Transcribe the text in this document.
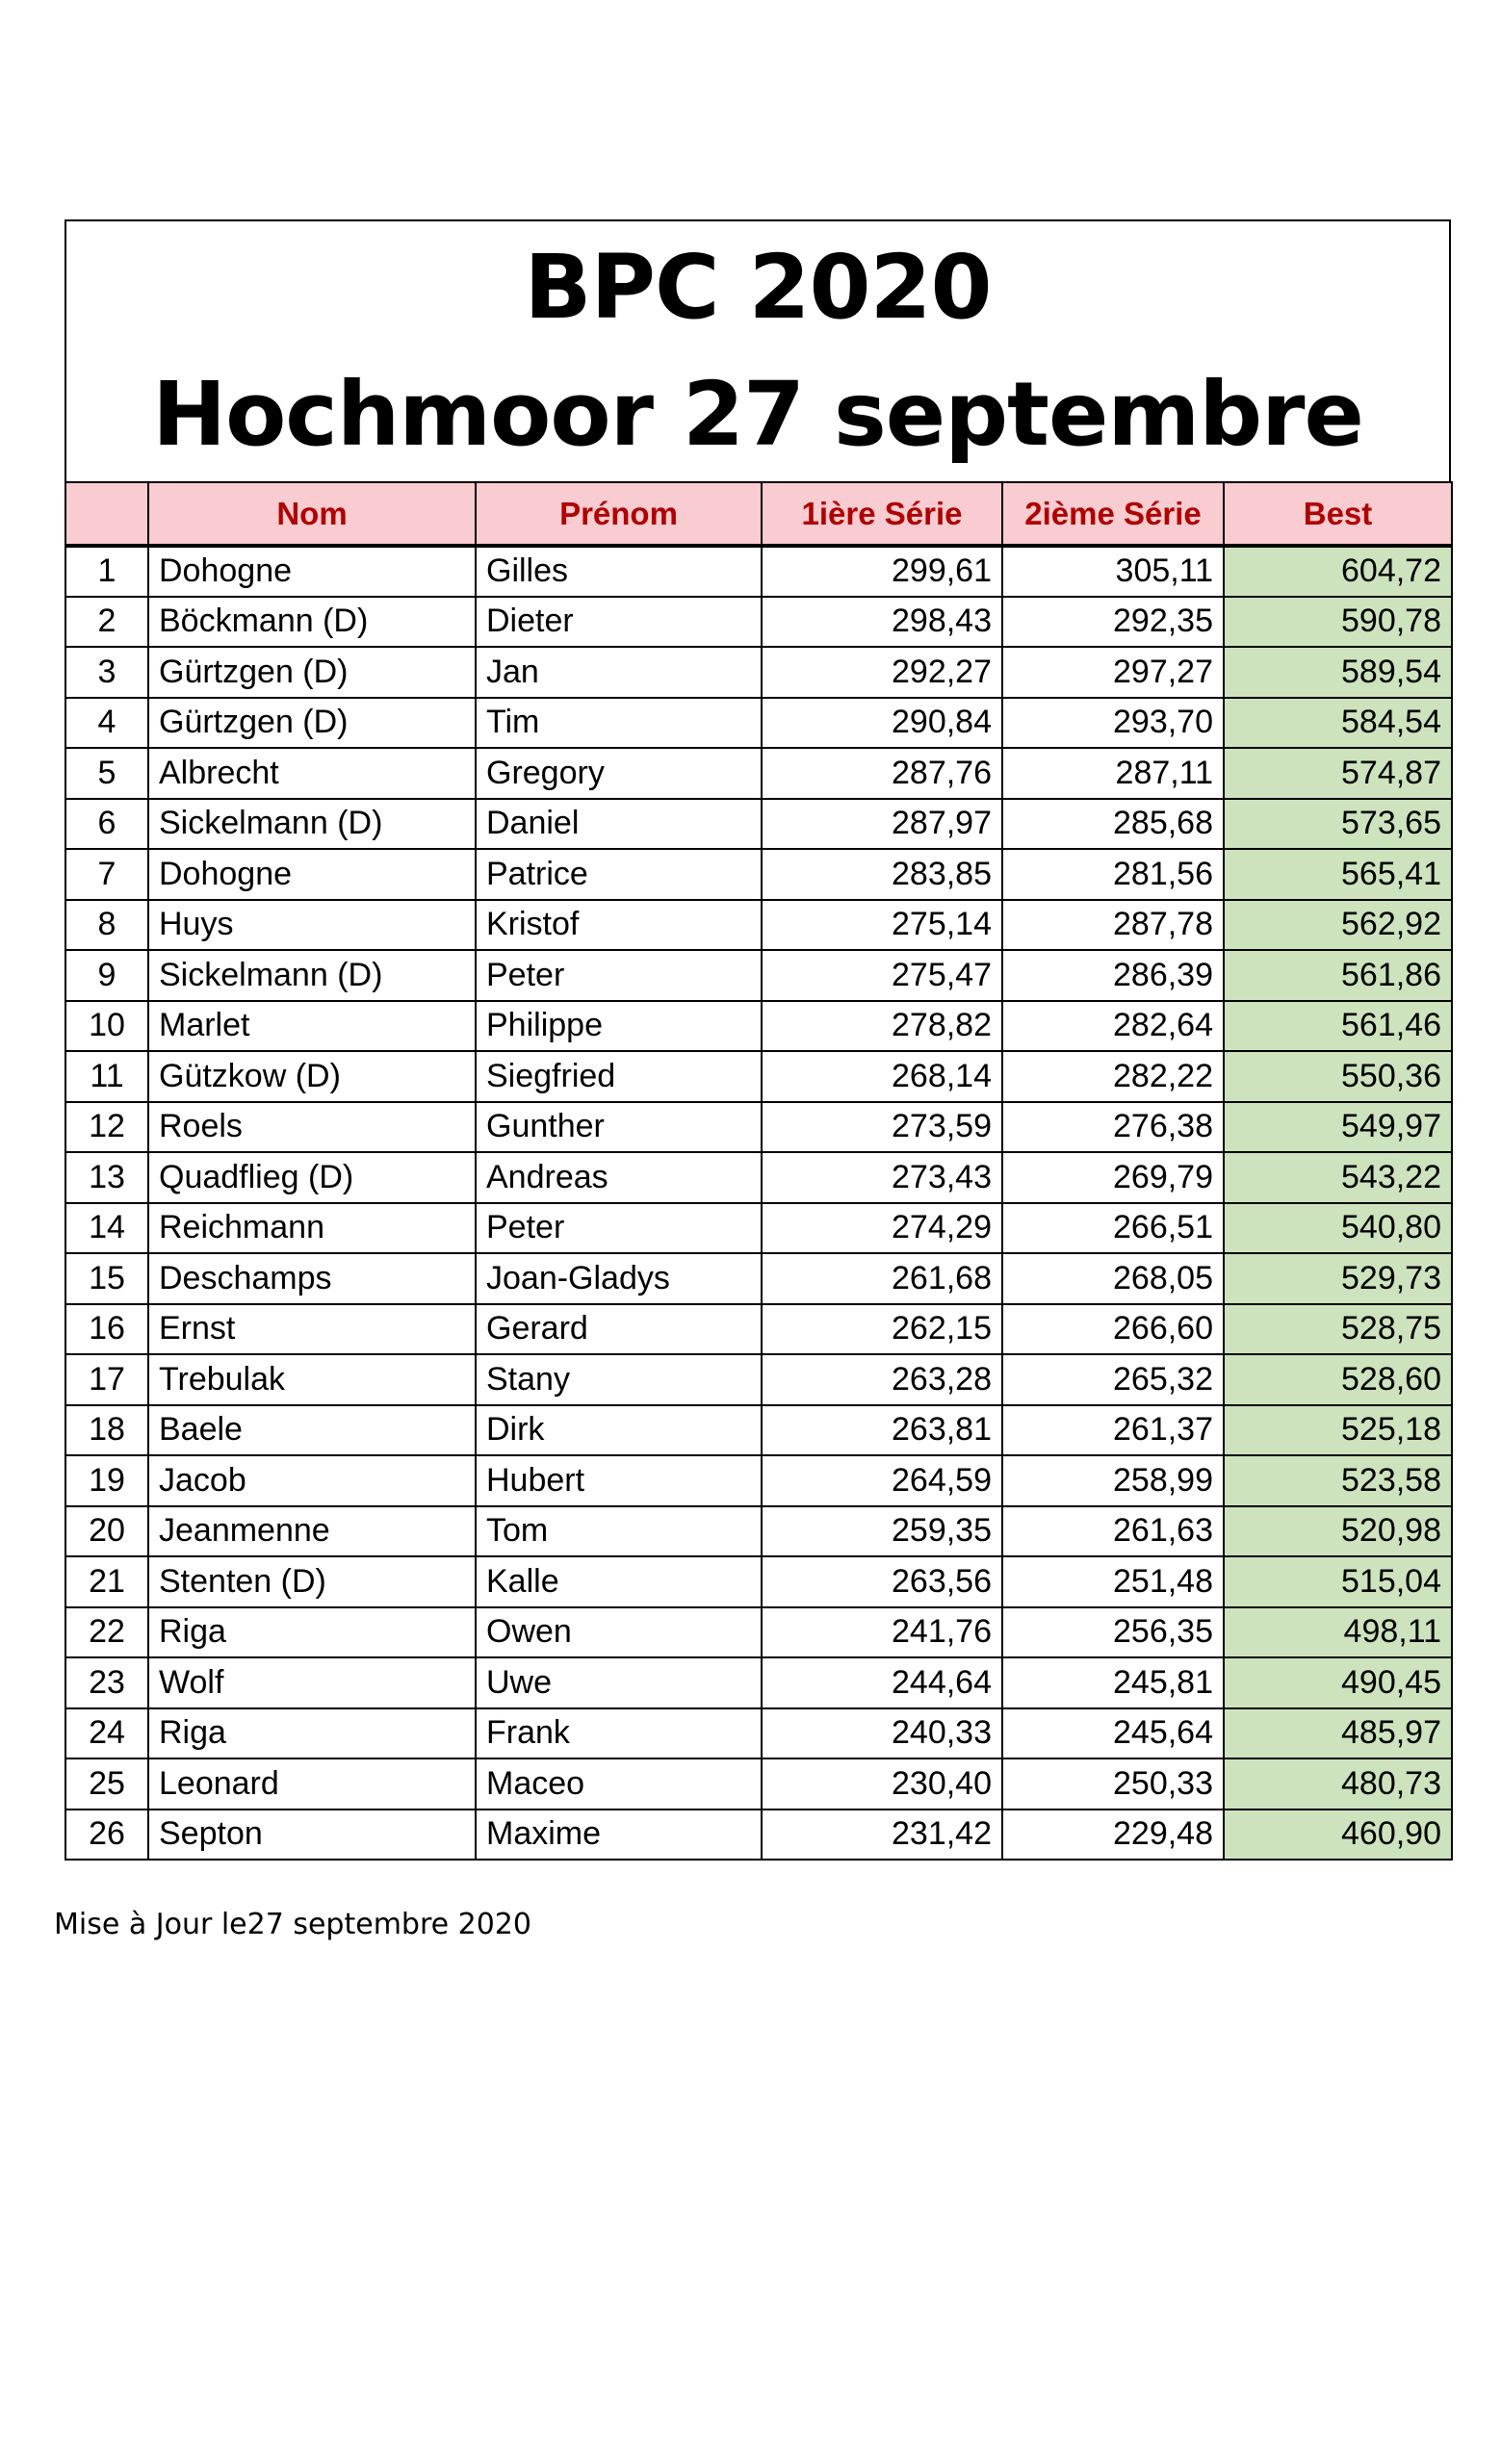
BPC 2020
Hochmoor 27 septembre
	Nom	Prénom	1ière Série	2ième Série	Best
1	Dohogne	Gilles	299,61	305,11	604,72
2	Böckmann (D)	Dieter	298,43	292,35	590,78
3	Gürtzgen (D)	Jan	292,27	297,27	589,54
4	Gürtzgen (D)	Tim	290,84	293,70	584,54
5	Albrecht	Gregory	287,76	287,11	574,87
6	Sickelmann (D)	Daniel	287,97	285,68	573,65
7	Dohogne	Patrice	283,85	281,56	565,41
8	Huys	Kristof	275,14	287,78	562,92
9	Sickelmann (D)	Peter	275,47	286,39	561,86
10	Marlet	Philippe	278,82	282,64	561,46
11	Gützkow (D)	Siegfried	268,14	282,22	550,36
12	Roels	Gunther	273,59	276,38	549,97
13	Quadflieg (D)	Andreas	273,43	269,79	543,22
14	Reichmann	Peter	274,29	266,51	540,80
15	Deschamps	Joan-Gladys	261,68	268,05	529,73
16	Ernst	Gerard	262,15	266,60	528,75
17	Trebulak	Stany	263,28	265,32	528,60
18	Baele	Dirk	263,81	261,37	525,18
19	Jacob	Hubert	264,59	258,99	523,58
20	Jeanmenne	Tom	259,35	261,63	520,98
21	Stenten (D)	Kalle	263,56	251,48	515,04
22	Riga	Owen	241,76	256,35	498,11
23	Wolf	Uwe	244,64	245,81	490,45
24	Riga	Frank	240,33	245,64	485,97
25	Leonard	Maceo	230,40	250,33	480,73
26	Septon	Maxime	231,42	229,48	460,90
Mise à Jour le27 septembre 2020
